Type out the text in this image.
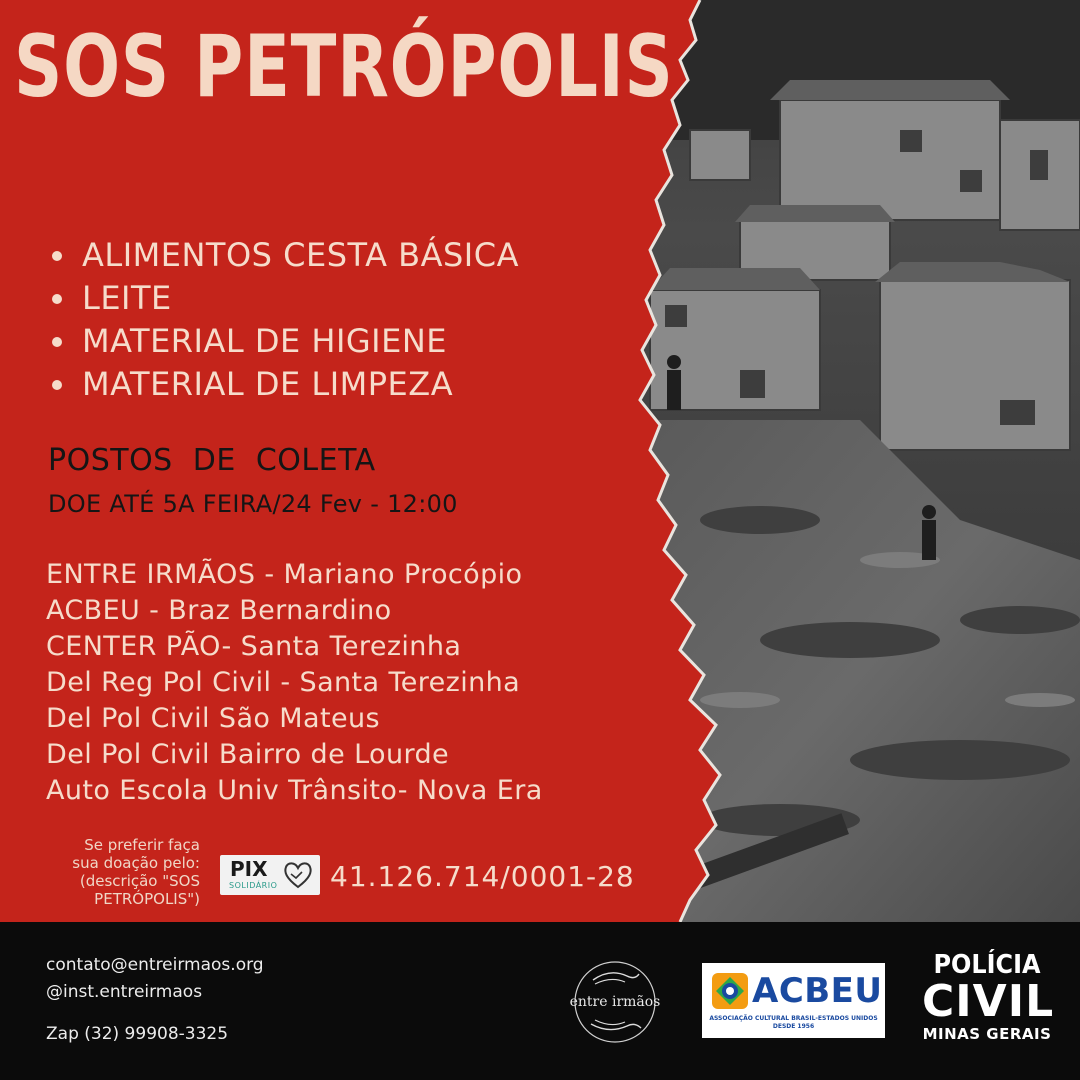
SOS PETRÓPOLIS
ALIMENTOS CESTA BÁSICA
LEITE
MATERIAL DE HIGIENE
MATERIAL DE LIMPEZA
POSTOS DE COLETA
DOE ATÉ 5A FEIRA/24 Fev - 12:00
ENTRE IRMÃOS - Mariano Procópio
ACBEU - Braz Bernardino
CENTER PÃO- Santa Terezinha
Del Reg Pol Civil - Santa Terezinha
Del Pol Civil São Mateus
Del Pol Civil Bairro de Lourde
Auto Escola Univ Trânsito- Nova Era
Se preferir faça
sua doação pelo:
(descrição "SOS
PETRÓPOLIS")
PIX
SOLIDÁRIO 41.126.714/0001-28
contato@entreirmaos.org
@inst.entreirmaos
Zap (32) 99908-3325
entre irmãos	ACBEU
ASSOCIAÇÃO CULTURAL BRASIL-ESTADOS UNIDOS
DESDE 1956
POLÍCIA
CIVIL
MINAS GERAIS
